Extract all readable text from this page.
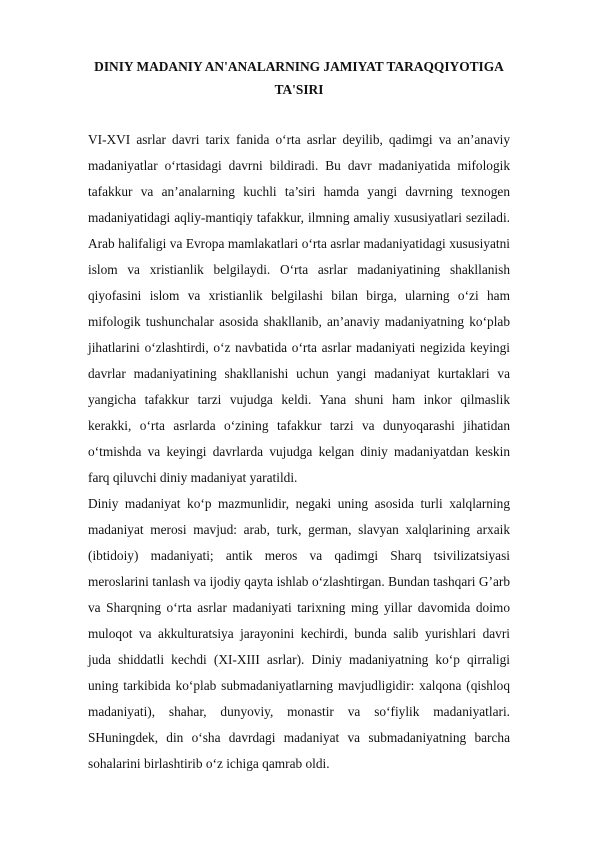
DINIY MADANIY AN'ANALARNING JAMIYAT TARAQQIYOTIGA
TA'SIRI

VI-XVI asrlar davri tarix fanida o‘rta asrlar deyilib, qadimgi va an’anaviy madaniyatlar o‘rtasidagi davrni bildiradi. Bu davr madaniyatida mifologik tafakkur va an’analarning kuchli ta’siri hamda yangi davrning texnogen madaniyatidagi aqliy-mantiqiy tafakkur, ilmning amaliy xususiyatlari seziladi. Arab halifaligi va Evropa mamlakatlari o‘rta asrlar madaniyatidagi xususiyatni islom va xristianlik belgilaydi. O‘rta asrlar madaniyatining shakllanish qiyofasini islom va xristianlik belgilashi bilan birga, ularning o‘zi ham mifologik tushunchalar asosida shakllanib, an’anaviy madaniyatning ko‘plab jihatlarini o‘zlashtirdi, o‘z navbatida o‘rta asrlar madaniyati negizida keyingi davrlar madaniyatining shakllanishi uchun yangi madaniyat kurtaklari va yangicha tafakkur tarzi vujudga keldi. Yana shuni ham inkor qilmaslik kerakki, o‘rta asrlarda o‘zining tafakkur tarzi va dunyoqarashi jihatidan o‘tmishda va keyingi davrlarda vujudga kelgan diniy madaniyatdan keskin farq qiluvchi diniy madaniyat yaratildi.

Diniy madaniyat ko‘p mazmunlidir, negaki uning asosida turli xalqlarning madaniyat merosi mavjud: arab, turk, german, slavyan xalqlarining arxaik (ibtidoiy) madaniyati; antik meros va qadimgi Sharq tsivilizatsiyasi meroslarini tanlash va ijodiy qayta ishlab o‘zlashtirgan. Bundan tashqari G’arb va Sharqning o‘rta asrlar madaniyati tarixning ming yillar davomida doimo muloqot va akkulturatsiya jarayonini kechirdi, bunda salib yurishlari davri juda shiddatli kechdi (XI-XIII asrlar). Diniy madaniyatning ko‘p qirraligi uning tarkibida ko‘plab submadaniyatlarning mavjudligidir: xalqona (qishloq madaniyati), shahar, dunyoviy, monastir va so‘fiylik madaniyatlari. SHuningdek, din o‘sha davrdagi madaniyat va submadaniyatning barcha sohalarini birlashtirib o‘z ichiga qamrab oldi.
